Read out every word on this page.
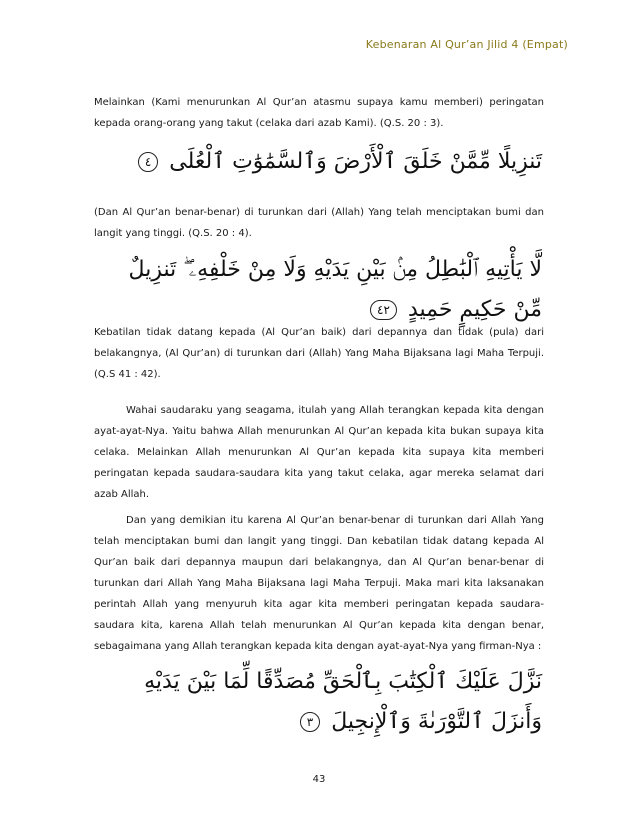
Kebenaran Al Qur’an Jilid 4 (Empat)

Melainkan (Kami menurunkan Al Qur’an atasmu supaya kamu memberi) peringatan kepada orang-orang yang takut (celaka dari azab Kami). (Q.S. 20 : 3).

تَنزِيلًا مِّمَّنْ خَلَقَ ٱلْأَرْضَ وَٱلسَّمَٰوَٰتِ ٱلْعُلَى ٤

(Dan Al Qur’an benar-benar) di turunkan dari (Allah) Yang telah menciptakan bumi dan langit yang tinggi. (Q.S. 20 : 4).

لَّا يَأْتِيهِ ٱلْبَٰطِلُ مِنۢ بَيْنِ يَدَيْهِ وَلَا مِنْ خَلْفِهِۦ ۖ تَنزِيلٌ مِّنْ حَكِيمٍ حَمِيدٍ ٤٢

Kebatilan tidak datang kepada (Al Qur’an baik) dari depannya dan tidak (pula) dari belakangnya, (Al Qur’an) di turunkan dari (Allah) Yang Maha Bijaksana lagi Maha Terpuji. (Q.S 41 : 42).

Wahai saudaraku yang seagama, itulah yang Allah terangkan kepada kita dengan ayat-ayat-Nya. Yaitu bahwa Allah menurunkan Al Qur’an kepada kita bukan supaya kita celaka. Melainkan Allah menurunkan Al Qur’an kepada kita supaya kita memberi peringatan kepada saudara-saudara kita yang takut celaka, agar mereka selamat dari azab Allah.

Dan yang demikian itu karena Al Qur’an benar-benar di turunkan dari Allah Yang telah menciptakan bumi dan langit yang tinggi. Dan kebatilan tidak datang kepada Al Qur’an baik dari depannya maupun dari belakangnya, dan Al Qur’an benar-benar di turunkan dari Allah Yang Maha Bijaksana lagi Maha Terpuji. Maka mari kita laksanakan perintah Allah yang menyuruh kita agar kita memberi peringatan kepada saudara-saudara kita, karena Allah telah menurunkan Al Qur’an kepada kita dengan benar, sebagaimana yang Allah terangkan kepada kita dengan ayat-ayat-Nya yang firman-Nya :

نَزَّلَ عَلَيْكَ ٱلْكِتَٰبَ بِٱلْحَقِّ مُصَدِّقًا لِّمَا بَيْنَ يَدَيْهِ وَأَنزَلَ ٱلتَّوْرَىٰةَ وَٱلْإِنجِيلَ ٣
43
